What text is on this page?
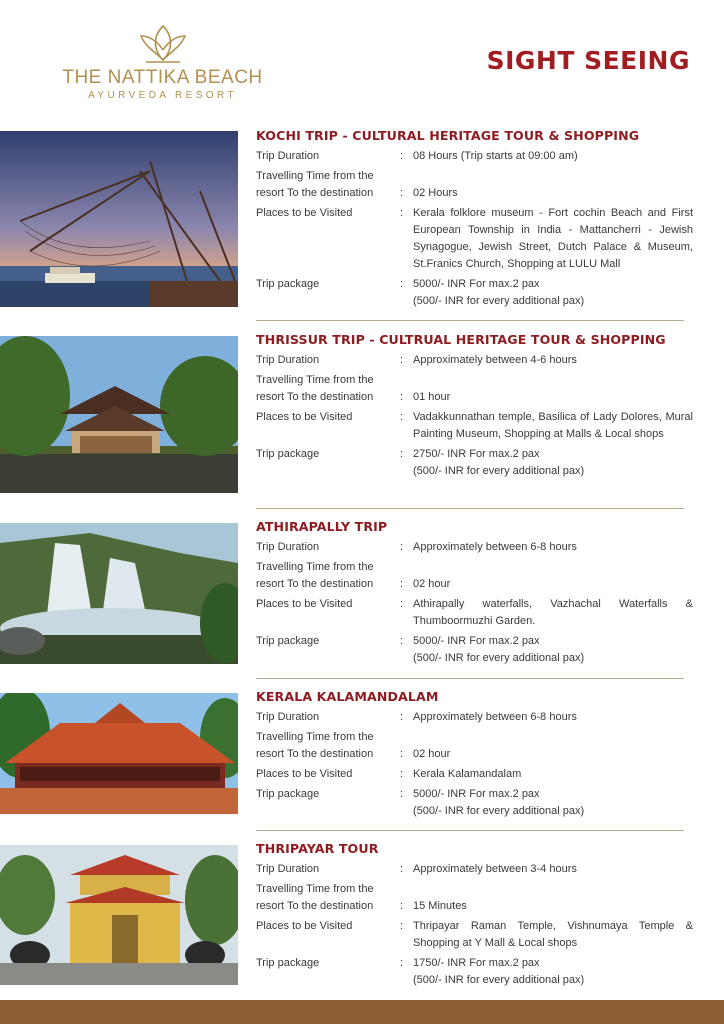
THE NATTIKA BEACH
AYURVEDA RESORT
SIGHT SEEING
KOCHI TRIP - CULTURAL HERITAGE TOUR & SHOPPING
Trip Duration	: 08 Hours (Trip starts at 09:00 am)
Travelling Time from the
resort To the destination	: 02 Hours
Places to be Visited	: Kerala folklore museum - Fort cochin Beach and First European Township in India - Mattancherri - Jewish Synagogue, Jewish Street, Dutch Palace & Museum, St.Franics Church, Shopping at LULU Mall
Trip package	: 5000/- INR For max.2 pax
(500/- INR for every additional pax)
THRISSUR TRIP - CULTRUAL HERITAGE TOUR & SHOPPING
Trip Duration	: Approximately between 4-6 hours
Travelling Time from the
resort To the destination	: 01 hour
Places to be Visited	: Vadakkunnathan temple, Basilica of Lady Dolores, Mural Painting Museum, Shopping at Malls & Local shops
Trip package	: 2750/- INR For max.2 pax
(500/- INR for every additional pax)
ATHIRAPALLY TRIP
Trip Duration	: Approximately between 6-8 hours
Travelling Time from the
resort To the destination	: 02 hour
Places to be Visited	: Athirapally waterfalls, Vazhachal Waterfalls & Thumboormuzhi Garden.
Trip package	: 5000/- INR For max.2 pax
(500/- INR for every additional pax)
KERALA KALAMANDALAM
Trip Duration	: Approximately between 6-8 hours
Travelling Time from the
resort To the destination	: 02 hour
Places to be Visited	: Kerala Kalamandalam
Trip package	: 5000/- INR For max.2 pax
(500/- INR for every additional pax)
THRIPAYAR TOUR
Trip Duration	: Approximately between 3-4 hours
Travelling Time from the
resort To the destination	: 15 Minutes
Places to be Visited	: Thripayar Raman Temple, Vishnumaya Temple & Shopping at Y Mall & Local shops
Trip package	: 1750/- INR For max.2 pax
(500/- INR for every additional pax)
